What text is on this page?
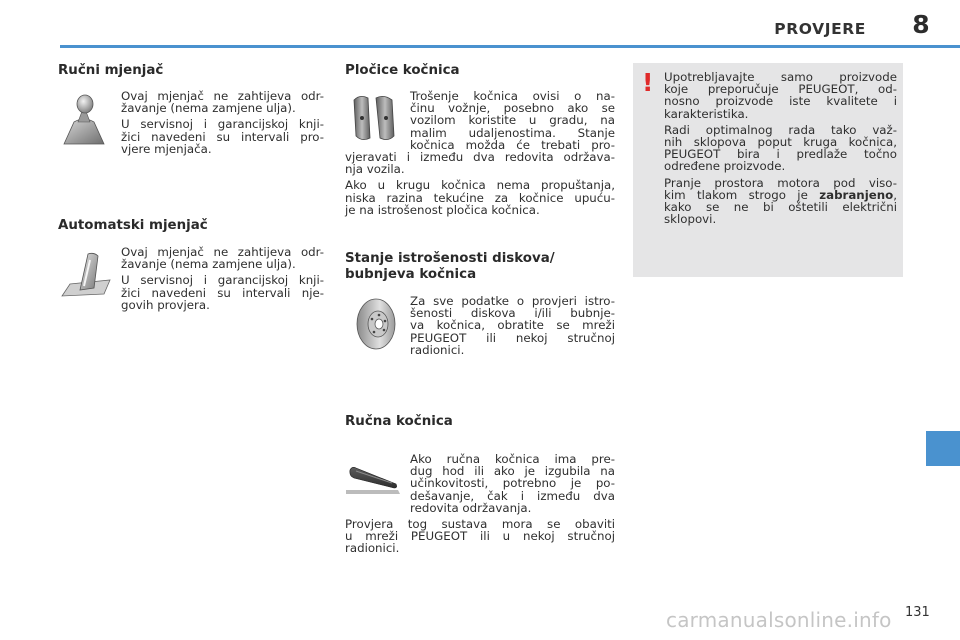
PROVJERE	8
Ručni mjenjač
Ovaj mjenjač ne zahtijeva odr-
žavanje (nema zamjene ulja).
U servisnoj i garancijskoj knji-
žici navedeni su intervali pro-
vjere mjenjača.
Automatski mjenjač
Ovaj mjenjač ne zahtijeva odr-
žavanje (nema zamjene ulja).
U servisnoj i garancijskoj knji-
žici navedeni su intervali nje-
govih provjera.
Pločice kočnica
Trošenje kočnica ovisi o na-
činu vožnje, posebno ako se
vozilom koristite u gradu, na
malim udaljenostima. Stanje
kočnica možda će trebati pro-
vjeravati i između dva redovita održava-
nja vozila.
Ako u krugu kočnica nema propuštanja,
niska razina tekućine za kočnice upuću-
je na istrošenost pločica kočnica.
Stanje istrošenosti diskova/
bubnjeva kočnica
Za sve podatke o provjeri istro-
šenosti diskova i/ili bubnje-
va kočnica, obratite se mreži
PEUGEOT ili nekoj stručnoj
radionici.
Ručna kočnica
Ako ručna kočnica ima pre-
dug hod ili ako je izgubila na
učinkovitosti, potrebno je po-
dešavanje, čak i između dva
redovita održavanja.
Provjera tog sustava mora se obaviti
u mreži PEUGEOT ili u nekoj stručnoj
radionici.
! Upotrebljavajte samo proizvode
koje preporučuje PEUGEOT, od-
nosno proizvode iste kvalitete i
karakteristika.
Radi optimalnog rada tako važ-
nih sklopova poput kruga kočnica,
PEUGEOT bira i predlaže točno
određene proizvode.
Pranje prostora motora pod viso-
kim tlakom strogo je zabranjeno,
kako se ne bi oštetili električni
sklopovi.
131
carmanualsonline.info
